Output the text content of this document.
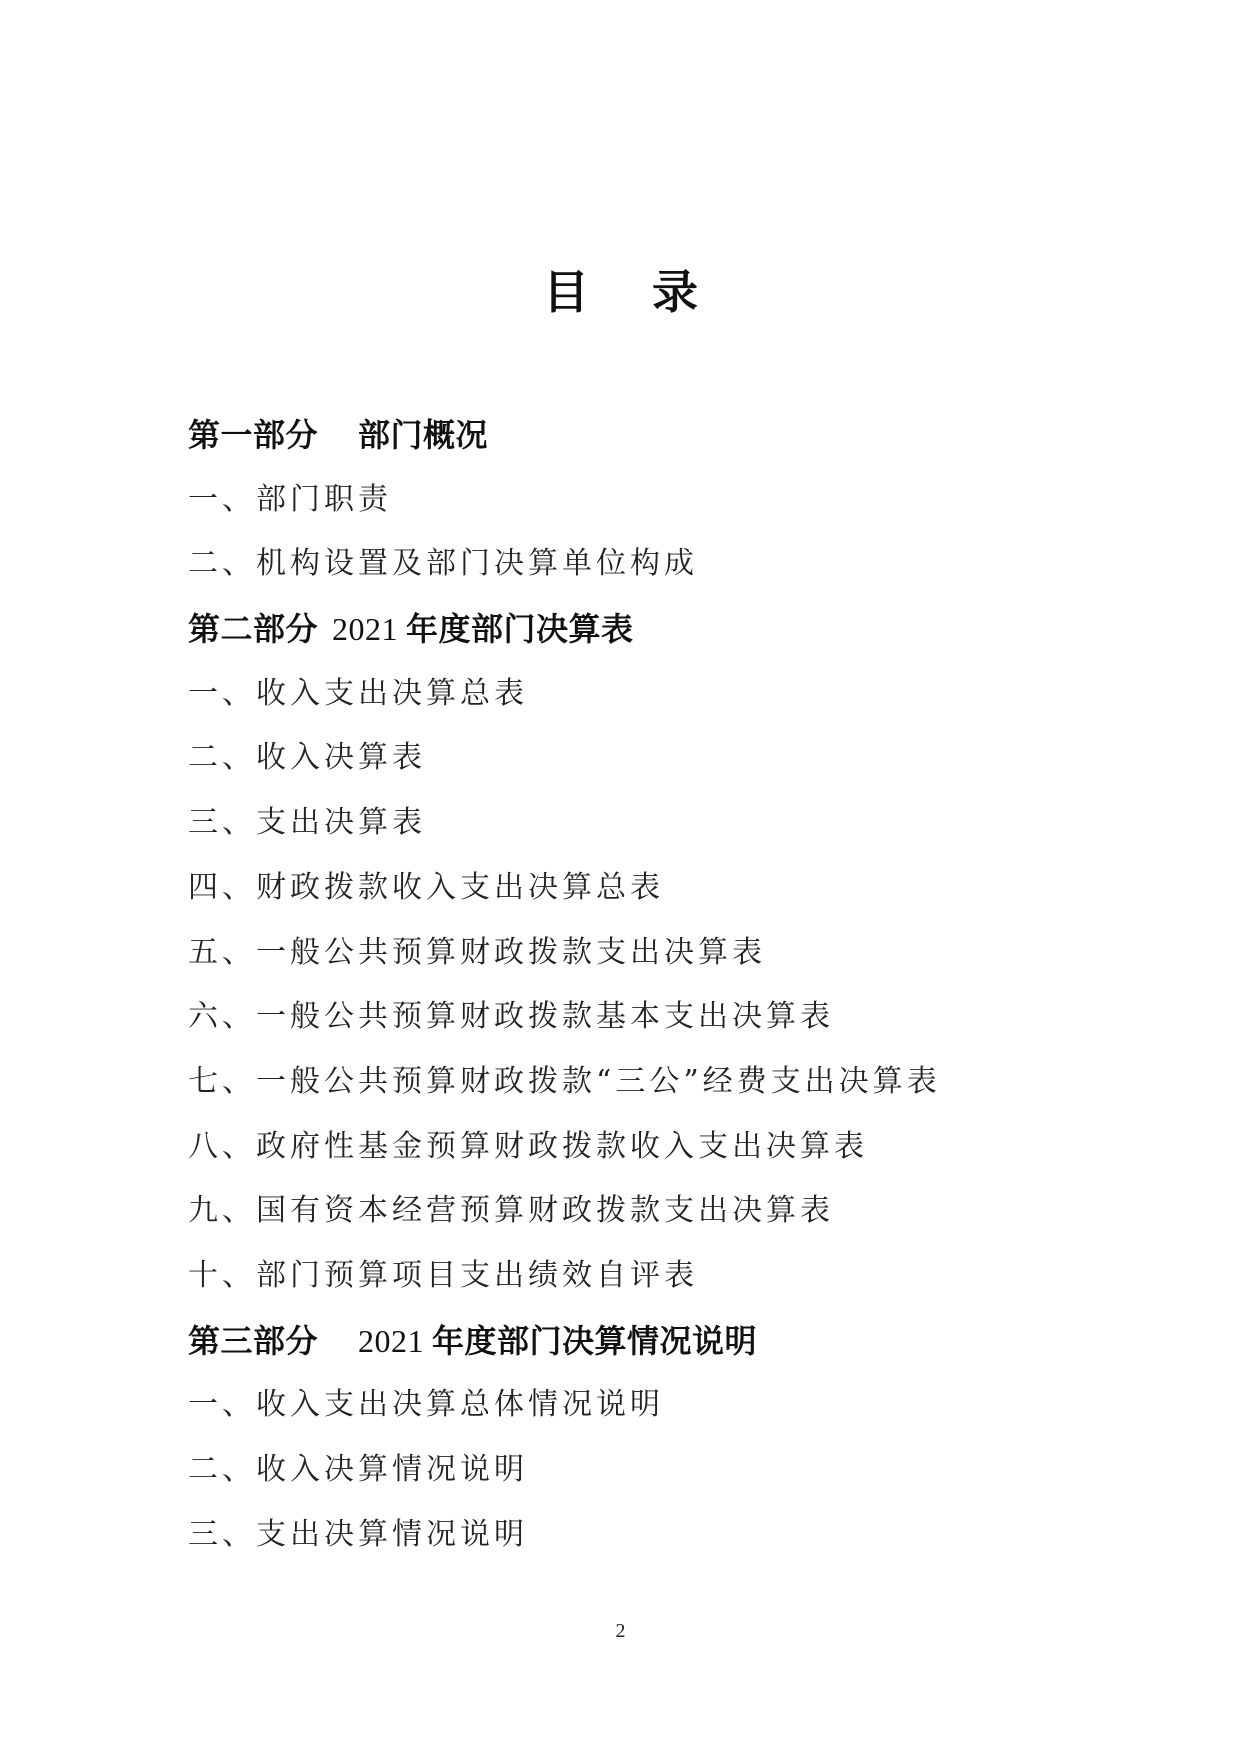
目 录
第一部分 部门概况
一、部门职责
二、机构设置及部门决算单位构成
第二部分 2021 年度部门决算表
一、收入支出决算总表
二、收入决算表
三、支出决算表
四、财政拨款收入支出决算总表
五、一般公共预算财政拨款支出决算表
六、一般公共预算财政拨款基本支出决算表
七、一般公共预算财政拨款“三公”经费支出决算表
八、政府性基金预算财政拨款收入支出决算表
九、国有资本经营预算财政拨款支出决算表
十、部门预算项目支出绩效自评表
第三部分 2021 年度部门决算情况说明
一、收入支出决算总体情况说明
二、收入决算情况说明
三、支出决算情况说明
2
